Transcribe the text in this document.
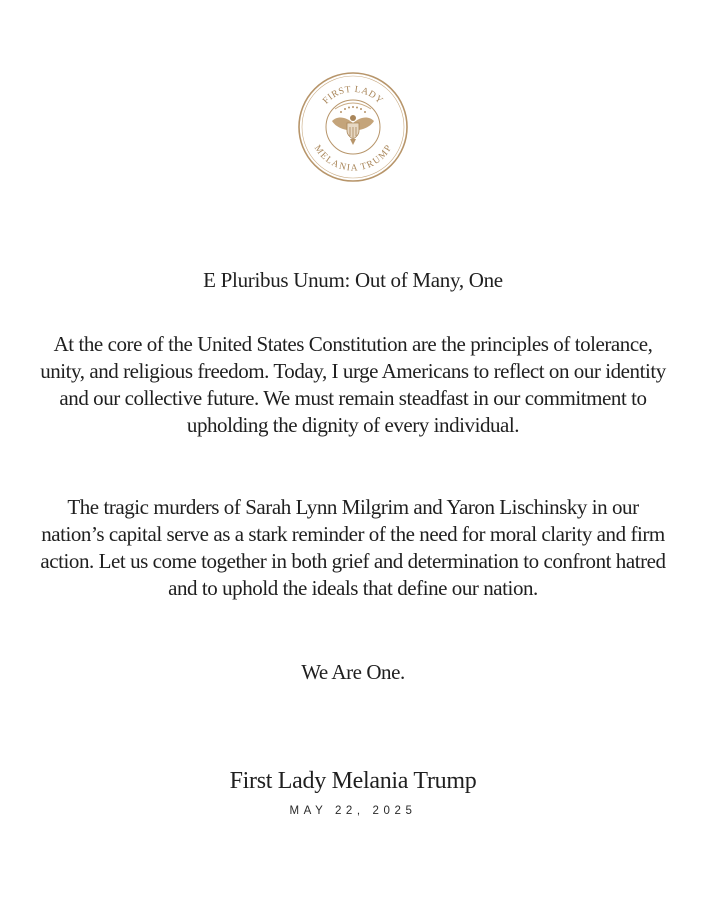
FIRST LADY
MELANIA TRUMP
E Pluribus Unum: Out of Many, One

At the core of the United States Constitution are the principles of tolerance, unity, and religious freedom. Today, I urge Americans to reflect on our identity and our collective future. We must remain steadfast in our commitment to upholding the dignity of every individual.

The tragic murders of Sarah Lynn Milgrim and Yaron Lischinsky in our nation’s capital serve as a stark reminder of the need for moral clarity and firm action. Let us come together in both grief and determination to confront hatred and to uphold the ideals that define our nation.

We Are One.

First Lady Melania Trump
MAY 22, 2025
